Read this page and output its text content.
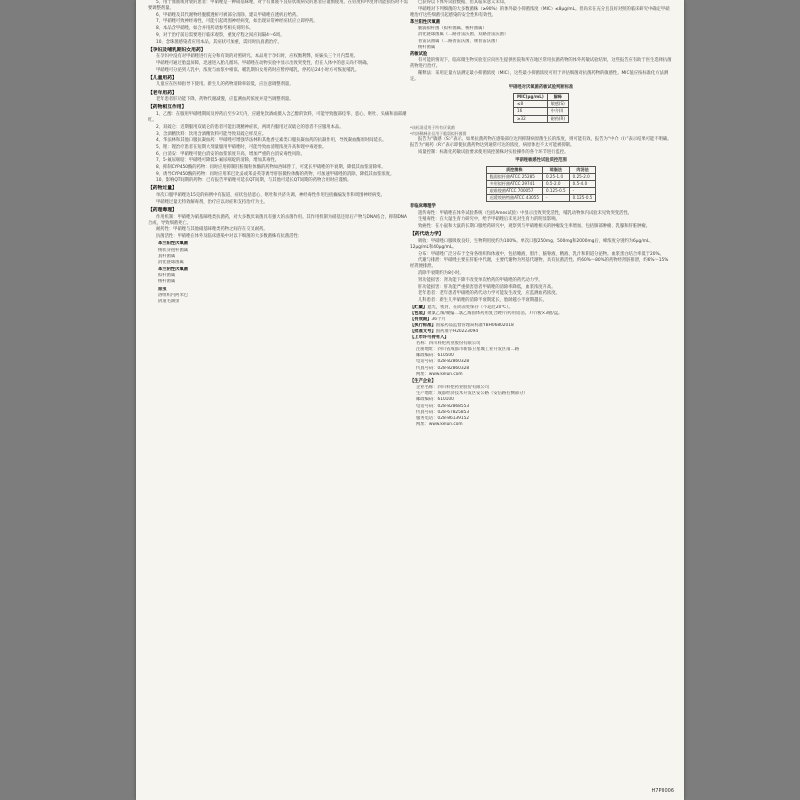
5、用于血液或肾衰的患者：甲硝唑是一种硝基咪唑，对于有血液不良症状或病史的患者应谨慎使用。在轻度和中度肾功能损伤时不需要调整剂量。
6、甲硝唑及其代谢物经腹膜透析可被部分清除，建议甲硝唑在透析后给药。
7、甲硝唑可致神经毒性，可能引起周围神经病变，如出现异常神经症状应立即停药。
8、本品含甲硝唑，如合并用药请参考相关说明书。
9、对于治疗前后需要进行临床观察，重复疗程之间应间隔4～6周。
10、念珠菌感染者应用本品，其症状可加重，需同时抗真菌治疗。
【孕妇及哺乳期妇女用药】
在孕妇中没有对甲硝唑进行充分和有效的对照研究。本品用于孕妇时，应权衡利弊，妊娠头三个月内禁用。
甲硝唑可通过胎盘屏障，迅速进入胎儿循环。甲硝唑在动物实验中显示出致突变性，但在人体中的意义尚不明确。
甲硝唑可分泌到人乳中，浓度与血浆中相似。哺乳期妇女用药时应暂停哺乳，停药后24小时方可恢复哺乳。
【儿童用药】
儿童应在医师指导下使用。新生儿的药物清除率较低，应注意调整剂量。
【老年用药】
老年患者肝功能下降，药物代谢减慢，应监测血药浓度并适当调整剂量。
【药物相互作用】
1、乙醇：在服用甲硝唑期间及停药后至少3天内，应避免饮酒或摄入含乙醇的饮料，可能导致腹部痉挛、恶心、呕吐、头痛和面部潮红。
2、双硫仑：近期服用双硫仑的患者可能出现精神症状，两周内服用过双硫仑的患者不应服用本品。
3、含酒精饮料：饮用含酒精饮料可能导致双硫仑样反应。
4、华法林和其他口服抗凝血药：甲硝唑可增强华法林和其他香豆素类口服抗凝血药的抗凝作用，导致凝血酶原时间延长。
5、锂：锂治疗患者在短期大剂量服用甲硝唑时，可能导致血清锂浓度升高和锂中毒迹象。
6、白消安：甲硝唑可使白消安的血浆浓度升高，增加严重的白消安毒性风险。
7、5-氟尿嘧啶：甲硝唑可降低5-氟尿嘧啶的清除，增加其毒性。
8、抑制CYP450酶的药物：同时应用抑制肝脏微粒体酶的药物如西咪替丁，可延长甲硝唑的半衰期，降低其血浆清除率。
9、诱导CYP450酶的药物：同时应用苯巴比妥或苯妥英等诱导肝脏微粒体酶的药物，可加速甲硝唑的消除，降低其血浆浓度。
10、影响QT间期的药物：已有报告甲硝唑可延长QT间期，与其他可延长QT间期的药物合用时应谨慎。
【药物过量】
单次口服甲硝唑达15克的病例中有报道，症状包括恶心、呕吐和共济失调。神经毒性作用包括癫痫发作和周围神经病变。
甲硝唑过量无特效解毒剂，治疗应以对症和支持治疗为主。
【药理毒理】
作用机制：甲硝唑为硝基咪唑类抗菌药，对大多数厌氧菌具有强大的杀菌作用。其作用机制为硝基还原后产物与DNA结合，抑制DNA合成，导致细菌死亡。
耐药性：甲硝唑与其他硝基咪唑类药物之间存在交叉耐药。
抗菌活性：甲硝唑在体外及临床感染中对以下细菌的大多数菌株有抗菌活性：
革兰阳性厌氧菌
梭状芽孢杆菌属
真杆菌属
消化链球菌属
革兰阴性厌氧菌
拟杆菌属
梭杆菌属
原虫
溶组织内阿米巴
阴道毛滴虫
已获得以下体外试验数据，但其临床意义未知。
甲硝唑对下列细菌的大多数菌株（≥90%）的体外最小抑菌浓度（MIC）≤8μg/mL。但尚未在充分且良好对照的临床研究中确定甲硝唑治疗这些细菌引起感染的安全性和有效性。
革兰阳性厌氧菌
脆弱拟杆菌（拟杆菌属、梭杆菌属）
消化链球菌属（二路普雷沃菌、双路普雷沃菌）
普雷沃菌属（二路普雷沃菌、颊普雷沃菌）
梭杆菌属
药敏试验
有可能的情况下，临床微生物实验室应向医生提供医院和所在地区常用抗菌药物的体外药敏试验结果，这些报告应有助于医生选择抗菌药物进行治疗。
稀释法：采用定量方法测定最小抑菌浓度（MIC），这些最小抑菌浓度可用于评估细菌对抗菌药物的敏感性。MIC值应按标准化方法测定。
甲硝唑对厌氧菌药敏试验判断标准
MIC(μg/mL)	解释
≤8	敏感(S)
16	中介(I)
≥32	耐药(R)
*该标准适用于所有厌氧菌
*肉汤稀释法仅用于脆弱拟杆菌群
报告为“敏感（S）”表示，如果抗菌药物在感染部位达到抑制病原菌生长的浓度，则可能有效。报告为“中介（I）”表示结果可能不明确。报告为“耐药（R）”表示即使抗菌药物达到通常可达的浓度，病原体也不太可能被抑制。
质量控制：标准化药敏试验要求使用质控菌株对实验操作的各个环节进行监控。
甲硝唑敏感性试验质控范围
质控菌株	琼脂法	肉汤法
脆弱拟杆菌ATCC 25285	0.25-1.0	0.25-2.0
多形拟杆菌ATCC 29741	0.5-2.0	0.5-4.0
艰难梭菌ATCC 700057	0.125-0.5	-
迟缓埃格特菌ATCC 43055	-	0.125-0.5
非临床毒理学
遗传毒性：甲硝唑在体外试验系统（包括Ames试验）中显示出致突变活性，哺乳动物体内试验未见致突变活性。
生殖毒性：在大鼠生育力研究中，给予甲硝唑后未见对生育力的明显影响。
致癌性：在小鼠和大鼠的长期口服给药研究中，观察到与甲硝唑相关的肿瘤发生率增加，包括肺部肿瘤、乳腺和肝脏肿瘤。
【药代动力学】
吸收：甲硝唑口服吸收良好，生物利用度约为100%。单次口服250mg、500mg和2000mg后，峰浓度分别约为6μg/mL、12μg/mL和40μg/mL。
分布：甲硝唑广泛分布于全身各组织和体液中，包括唾液、胆汁、脑脊液、精液、乳汁和阴道分泌物。血浆蛋白结合率低于20%。
代谢与排泄：甲硝唑主要在肝脏中代谢，主要代谢物为羟基代谢物，具有抗菌活性。约60%～80%的药物经肾脏排泄，约6%～15%经粪便排泄。
消除半衰期约为8小时。
肾功能损害：肾功能下降不改变单次给药的甲硝唑的药代动力学。
肝功能损害：肝功能严重损害患者甲硝唑的清除率降低，血浆浓度升高。
老年患者：老年患者甲硝唑的药代动力学可能发生改变，应监测血药浓度。
儿科患者：新生儿甲硝唑的消除半衰期延长，胎龄越小半衰期越长。
【贮藏】遮光，密封，在阴凉处保存（不超过20℃）。
【包装】聚氯乙烯/聚偏二氯乙烯固体药用复合硬片/药用铝箔。7片/板×3板/盒。
【有效期】36个月
【执行标准】国家药品监督管理局标准YBH06802018
【批准文号】国药准字H20223094
【上市许可持有人】
名称：四川科伦药业股份有限公司
注册地址：四川省成都市新都卫星城工业开发区南二路
邮政编码：610500
电话号码：028-82860328
传真号码：028-82860328
网址：www.kelun.com
【生产企业】
企业名称：四川科伦药业股份有限公司
生产地址：成都经济技术开发区安公路（安信路右侧部分）
邮政编码：610100
电话号码：028-82868553
传真号码：028-67825853
服务电话：028-86139152
网址：www.kelun.com
H7PII006
